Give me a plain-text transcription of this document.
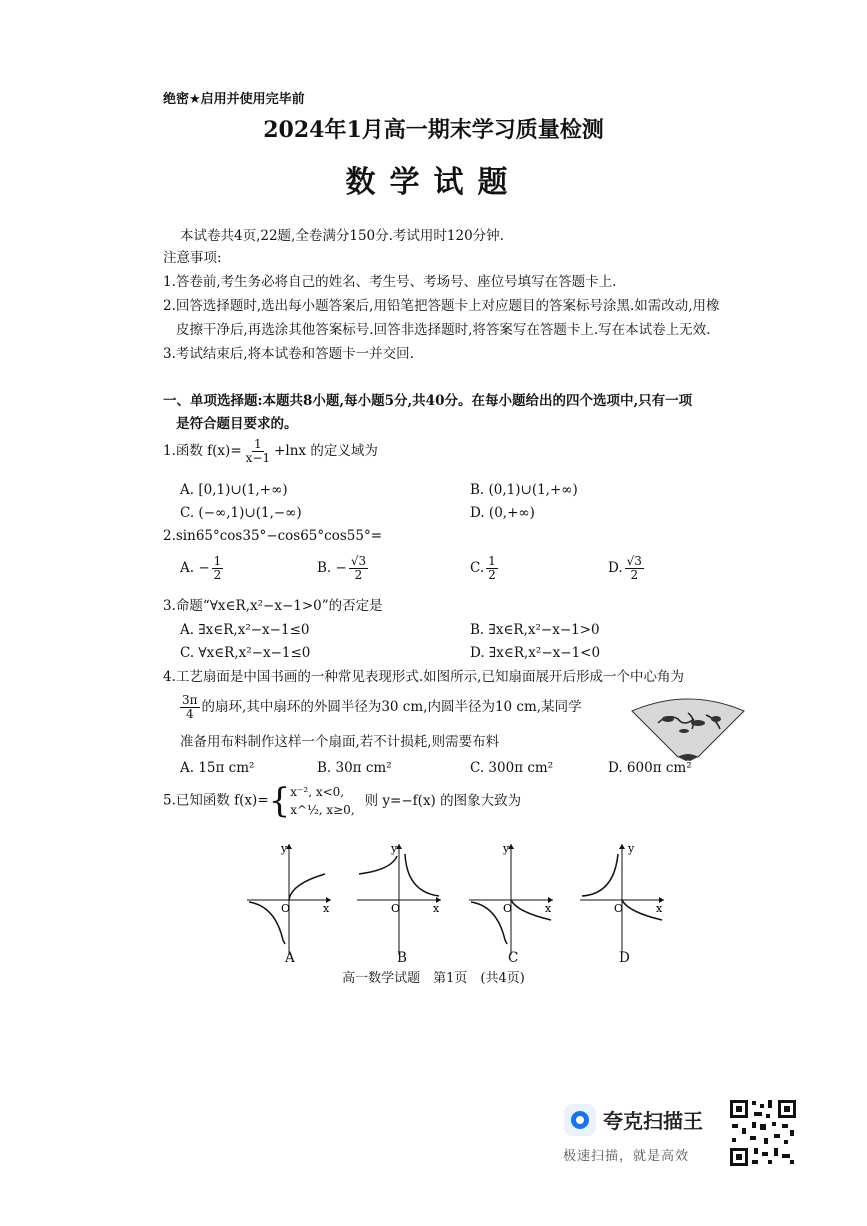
绝密★启用并使用完毕前
2024年1月高一期末学习质量检测
数学试题
本试卷共4页,22题,全卷满分150分.考试用时120分钟.
注意事项:
1.答卷前,考生务必将自己的姓名、考生号、考场号、座位号填写在答题卡上.
2.回答选择题时,选出每小题答案后,用铅笔把答题卡上对应题目的答案标号涂黑.如需改动,用橡
皮擦干净后,再选涂其他答案标号.回答非选择题时,将答案写在答题卡上.写在本试卷上无效.
3.考试结束后,将本试卷和答题卡一并交回.
一、单项选择题:本题共8小题,每小题5分,共40分。在每小题给出的四个选项中,只有一项
是符合题目要求的。
1.函数 $f(x)= \frac{1}{x-1} +\ln x$ 的定义域为
A. [0,1)∪(1,+∞)	B. (0,1)∪(1,+∞)
C. (−∞,1)∪(1,−∞)	D. (0,+∞)
2.sin65°cos35°−cos65°cos55°=
A. − $\frac{1}{2}$	B. − $\frac{√3}{2}$	C. $\frac{1}{2}$	D. $\frac{√3}{2}$
3.命题“∀x∈R,x²−x−1>0”的否定是
A. ∃x∈R,x²−x−1≤0	B. ∃x∈R,x²−x−1>0
C. ∀x∈R,x²−x−1≤0	D. ∃x∈R,x²−x−1<0
4.工艺扇面是中国书画的一种常见表现形式.如图所示,已知扇面展开后形成一个中心角为
$\frac{3\pi}{4}$ 的扇环,其中扇环的外圆半径为30 cm,内圆半径为10 cm,某同学
准备用布料制作这样一个扇面,若不计损耗,则需要布料
A. 15π cm²	B. 30π cm²	C. 300π cm²	D. 600π cm²
5.已知函数 f(x)={ x⁻², x<0,
x^½, x≥0,
则 y=−f(x) 的图象大致为
y
x
O
y
x
O
y
x
O
y
x
O
A	B	C	D
高一数学试题　第1页　(共4页)
夸克扫描王
极速扫描，就是高效
